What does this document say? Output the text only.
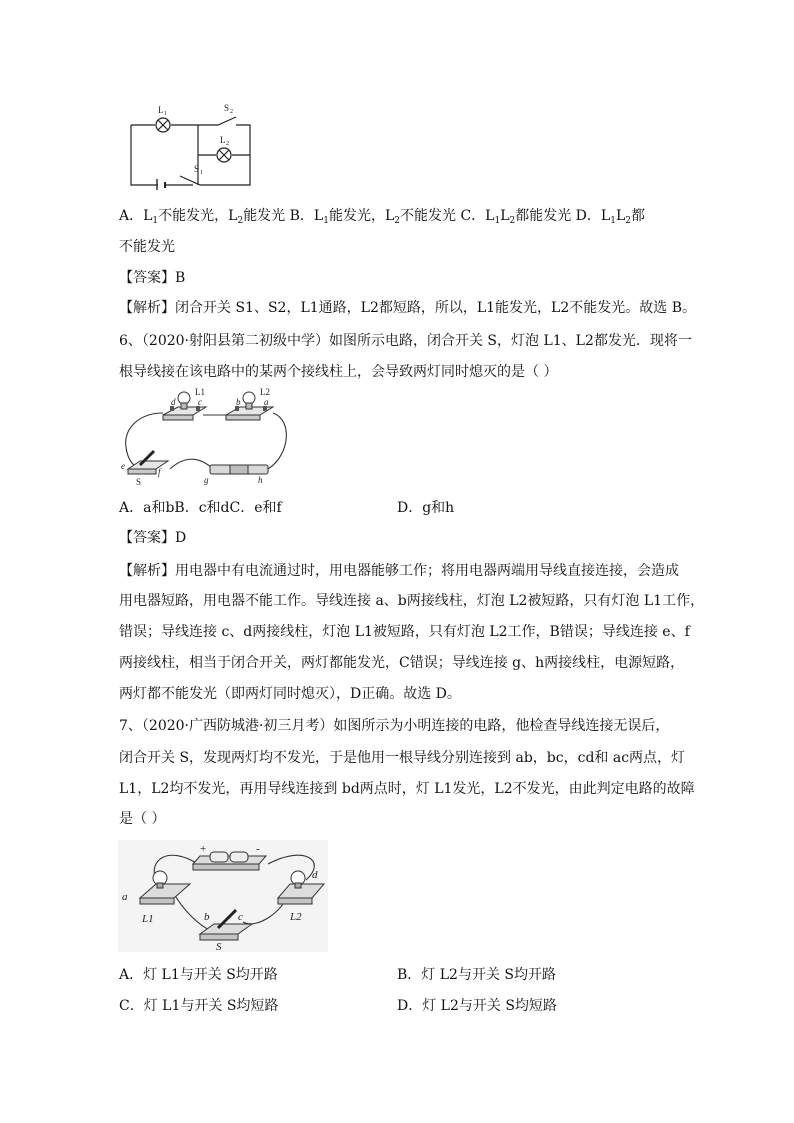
L 1
S 2
L 2
S 1
A．$L_1$不能发光，$L_2$能发光 B．$L_1$能发光，$L_2$不能发光 C．$L_1L_2$都能发光 D．$L_1L_2$都
不能发光
【答案】B
【解析】闭合开关 S1、S2，L1通路，L2都短路，所以，L1能发光，L2不能发光。故选 B。
6、（2020·射阳县第二初级中学）如图所示电路，闭合开关 S，灯泡 L1、L2都发光．现将一
根导线接在该电路中的某两个接线柱上，会导致两灯同时熄灭的是（ ）
d	c
L1
b	a
L2
e
f
S	g	h
A．a和bB．c和dC．e和f	D．g和h
【答案】D
【解析】用电器中有电流通过时，用电器能够工作；将用电器两端用导线直接连接，会造成
用电器短路，用电器不能工作。导线连接 a、b两接线柱，灯泡 L2被短路，只有灯泡 L1工作，
错误；导线连接 c、d两接线柱，灯泡 L1被短路，只有灯泡 L2工作，B错误；导线连接 e、f
两接线柱，相当于闭合开关，两灯都能发光，C错误；导线连接 g、h两接线柱，电源短路，
两灯都不能发光（即两灯同时熄灭），D正确。故选 D。
7、（2020·广西防城港·初三月考）如图所示为小明连接的电路，他检查导线连接无误后，
闭合开关 S，发现两灯均不发光，于是他用一根导线分别连接到 ab，bc，cd和 ac两点，灯
L1，L2均不发光，再用导线连接到 bd两点时，灯 L1发光，L2不发光，由此判定电路的故障
是（ ）
+	-
a
L1
d
L2
b	c
S
A．灯 L1与开关 S均开路	B．灯 L2与开关 S均开路
C．灯 L1与开关 S均短路	D．灯 L2与开关 S均短路
